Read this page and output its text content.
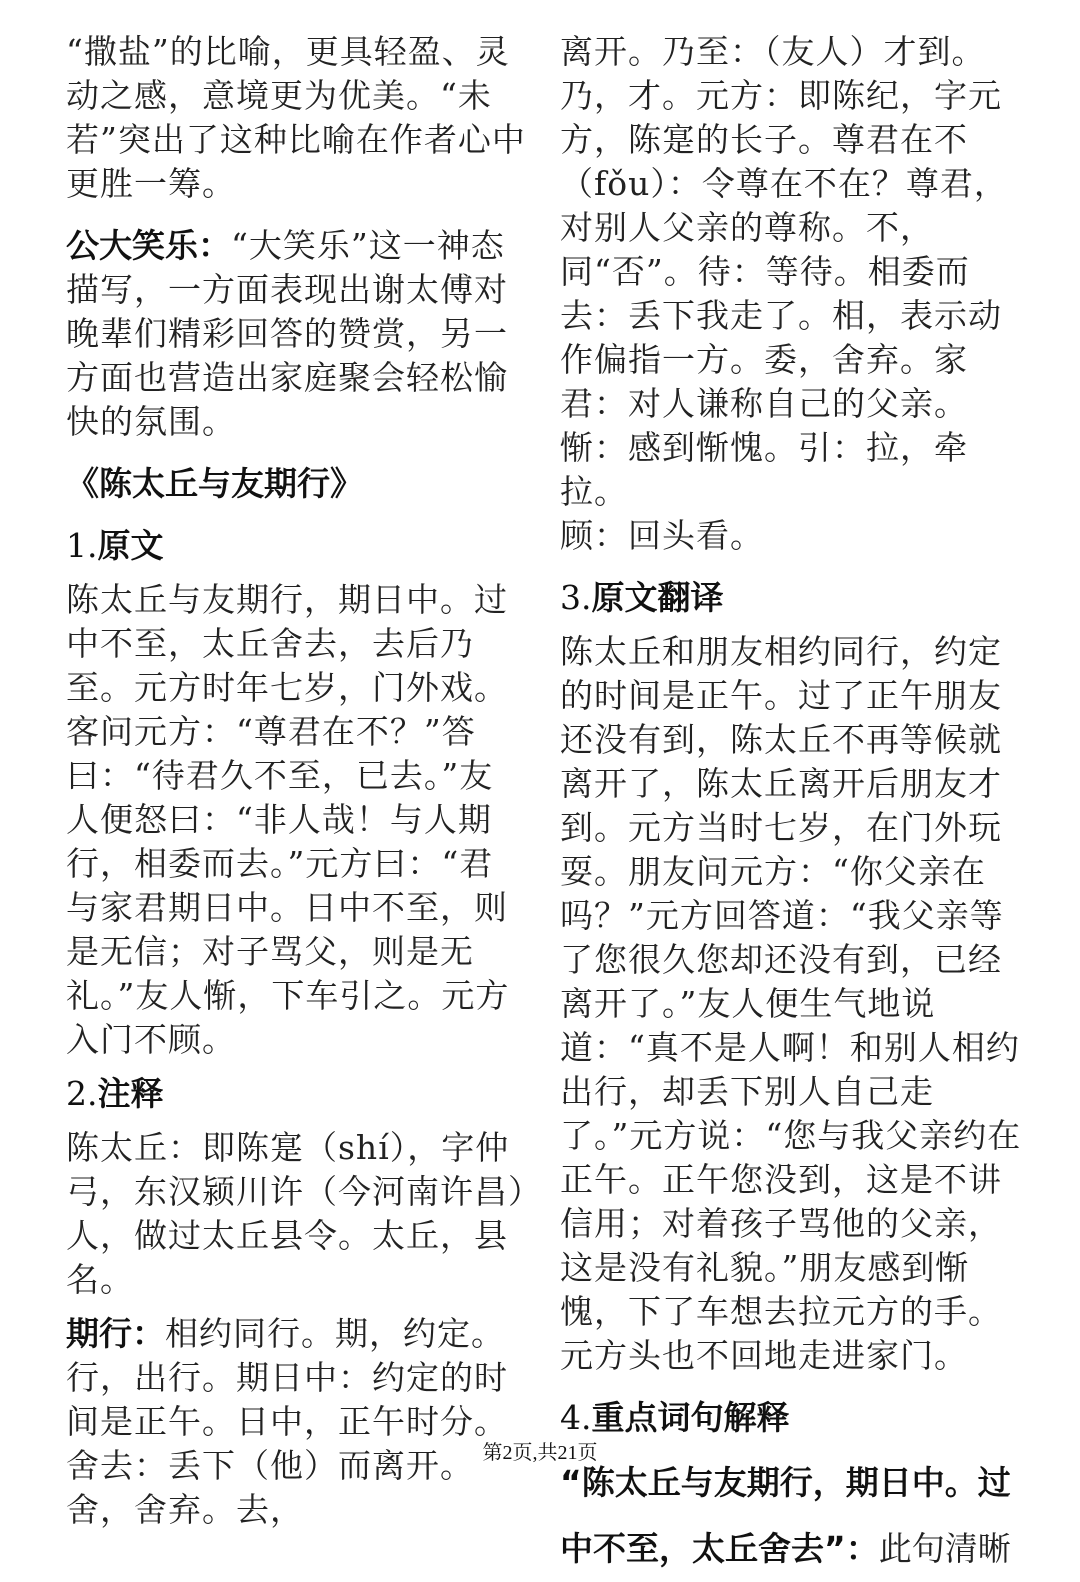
“撒盐”的比喻，更具轻盈、灵动之感，意境更为优美。“未若”突出了这种比喻在作者心中更胜一筹。

公大笑乐：“大笑乐”这一神态描写，一方面表现出谢太傅对晚辈们精彩回答的赞赏，另一方面也营造出家庭聚会轻松愉快的氛围。

《陈太丘与友期行》
1.原文

陈太丘与友期行，期日中。过中不至，太丘舍去，去后乃至。元方时年七岁，门外戏。客问元方：“尊君在不？”答曰：“待君久不至，已去。”友人便怒曰：“非人哉！与人期行，相委而去。”元方曰：“君与家君期日中。日中不至，则是无信；对子骂父，则是无礼。”友人惭，下车引之。元方入门不顾。

2.注释

陈太丘：即陈寔（shí），字仲弓，东汉颍川许（今河南许昌）人，做过太丘县令。太丘，县名。

期行：相约同行。期，约定。行，出行。期日中：约定的时间是正午。日中，正午时分。舍去：丢下（他）而离开。舍，舍弃。去，

离开。乃至：（友人）才到。乃，才。元方：即陈纪，字元方，陈寔的长子。尊君在不（fǒu）：令尊在不在？尊君，对别人父亲的尊称。不，同“否”。待：等待。相委而去：丢下我走了。相，表示动作偏指一方。委，舍弃。家君：对人谦称自己的父亲。惭：感到惭愧。引：拉，牵拉。

顾：回头看。

3.原文翻译

陈太丘和朋友相约同行，约定的时间是正午。过了正午朋友还没有到，陈太丘不再等候就离开了，陈太丘离开后朋友才到。元方当时七岁，在门外玩耍。朋友问元方：“你父亲在吗？”元方回答道：“我父亲等了您很久您却还没有到，已经离开了。”友人便生气地说道：“真不是人啊！和别人相约出行，却丢下别人自己走了。”元方说：“您与我父亲约在正午。正午您没到，这是不讲信用；对着孩子骂他的父亲，这是没有礼貌。”朋友感到惭愧，下了车想去拉元方的手。元方头也不回地走进家门。

4.重点词句解释
“陈太丘与友期行，期日中。过中不至，太丘舍去”：此句清晰
第2页,共21页
